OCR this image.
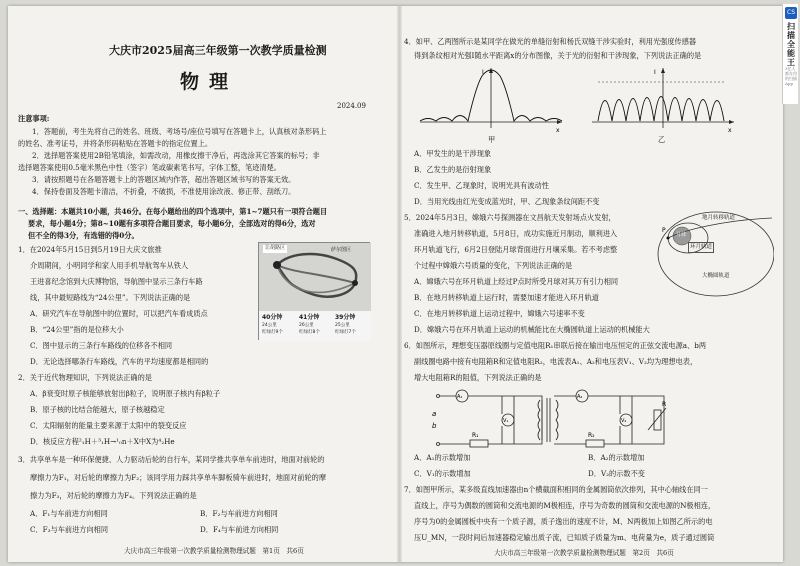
大庆市2025届高三年级第一次教学质量检测
物理
2024.09
注意事项:
1．答题前，考生先将自己的姓名、班级、考场号/座位号填写在答题卡上，认真核对条形码上
的姓名、准考证号，并将条形码粘贴在答题卡的指定位置上。
2．选择题答案使用2B铅笔填涂，如需改动，用橡皮擦干净后，再选涂其它答案的标号；非
选择题答案使用0.5毫米黑色中性（签字）笔或碳素笔书写，字体工整，笔迹清楚。
3．请按照题号在各题答题卡上的答题区域内作答，超出答题区域书写的答案无效。
4．保持卷面及答题卡清洁，不折叠，不破损，不准使用涂改液、修正带、刮纸刀。
一、选择题：本题共10小题，共46分。在每小题给出的四个选项中，第1~7题只有一项符合题目
要求，每小题4分；第8~10题有多项符合题目要求，每小题6分，全部选对的得6分，选对
但不全的得3分，有选错的得0分。
1．在2024年5月15日到5月19日大庆文旅推
介周期间，小明同学和家人用手机导航驾车从铁人
王进喜纪念馆到大庆博物馆，导航图中显示三条行车路
线，其中最短路线为“24公里”。下列说法正确的是
让胡路区	萨尔图区
40分钟	41分钟	39分钟
24公里	26公里	25公里
红绿灯9个	红绿灯8个	红绿灯7个
A．研究汽车在导航图中的位置时，可以把汽车看成质点
B．“24公里”指的是位移大小
C．图中显示的三条行车路线的位移各不相同
D．无论选择哪条行车路线，汽车的平均速度都是相同的
2．关于近代物理知识，下列说法正确的是
A．β衰变时原子核能够放射出β粒子，说明原子核内有β粒子
B．原子核的比结合能越大，原子核越稳定
C．太阳辐射的能量主要来源于太阳中的裂变反应
D．核反应方程²₁H＋³₁H→¹₀n＋X中X为⁴₂He
3．共享单车是一种环保便捷、人力驱动后轮的自行车，某同学推共享单车前进时，地面对前轮的
摩擦力为F₁，对后轮的摩擦力为F₂；该同学用力踩共享单车脚板骑车前进时，地面对前轮的摩
擦力为F₃，对后轮的摩擦力为F₄。下列说法正确的是
A．F₁与车前进方向相同	B．F₂与车前进方向相同
C．F₃与车前进方向相同	D．F₄与车前进方向相同
大庆市高三年级第一次教学质量检测物理试题　第1页　共6页
4．如甲、乙两图所示是某同学在做光的单缝衍射和杨氏双缝干涉实验时，利用光强度传感器
得到条纹相对光强I随水平距离x的分布图像，关于光的衍射和干涉现象，下列说法正确的是
I
x
甲
I
x
乙
A．甲发生的是干涉现象
B．乙发生的是衍射现象
C．发生甲、乙现象时，说明光具有波动性
D．当用光线由红光变成蓝光时，甲、乙现象条纹间距不变
5．2024年5月3日，嫦娥六号探测器在文昌航天发射场点火发射，
准确进入地月转移轨道，5月8日，成功实施近月制动，顺利进入
环月轨道飞行，6月2日登陆月球背面进行月壤采集。若不考虑整
个过程中嫦娥六号质量的变化，下列说法正确的是
P
地月转移轨道
环月轨道
大椭圆轨道
月球
A．嫦娥六号在环月轨道上经过P点时所受月球对其万有引力相同
B．在地月转移轨道上运行时，需要加速才能进入环月轨道
C．在地月转移轨道上运动过程中，嫦娥六号速率不变
D．嫦娥六号在环月轨道上运动的机械能比在大椭圆轨道上运动的机械能大
6．如图所示，理想变压器原线圈与定值电阻R₁串联后接在输出电压恒定的正弦交流电源a、b两
副线圈电路中接有电阻箱R和定值电阻R₂，电流表A₁、A₂和电压表V₁、V₂均为理想电表，
增大电阻箱R的阻值，下列说法正确的是
a
b
R₁	R₂
R
A₁	A₂
V₁	V₂
A．A₁的示数增加	B．A₂的示数增加
C．V₁的示数增加	D．V₂的示数不变
7．如图甲所示，某多级直线加速器由n个横截面积相同的金属圆筒依次排列，其中心轴线在同一
直线上，序号为偶数的圆筒和交流电源的M极相连，序号为奇数的圆筒和交流电源的N极相连，
序号为0的金属圆板中央有一个质子源，质子逸出的速度不计，M、N两极加上如图乙所示的电
压U_MN，一段时间后加速器稳定输出质子流，已知质子质量为m、电荷量为e，质子通过圆筒
大庆市高三年级第一次教学质量检测物理试题　第2页　共6页
CS
扫描全能王
3亿人都在用的扫描App
